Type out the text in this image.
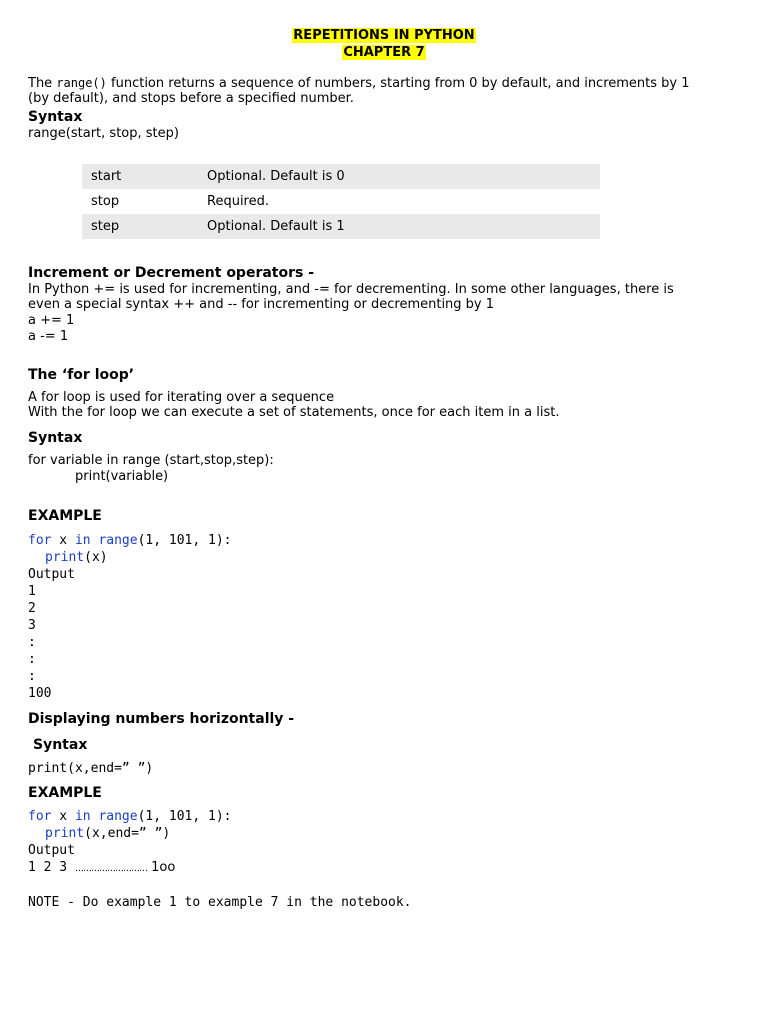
REPETITIONS IN PYTHON
CHAPTER 7
The range() function returns a sequence of numbers, starting from 0 by default, and increments by 1
(by default), and stops before a specified number.
Syntax
range(start, stop, step)
start	Optional. Default is 0
stop	Required.
step	Optional. Default is 1
Increment or Decrement operators -
In Python += is used for incrementing, and -= for decrementing. In some other languages, there is
even a special syntax ++ and -- for incrementing or decrementing by 1
a += 1
a -= 1
The ‘for loop’
A for loop is used for iterating over a sequence
With the for loop we can execute a set of statements, once for each item in a list.
Syntax
for variable in range (start,stop,step):
print(variable)
EXAMPLE
for x in range(1, 101, 1):
print(x)
Output
1
2
3
:
:
:
100
Displaying numbers horizontally -
Syntax
print(x,end=” ”)
EXAMPLE
for x in range(1, 101, 1):
print(x,end=” ”)
Output
1 2 3 ……………………… 1oo
NOTE - Do example 1 to example 7 in the notebook.
